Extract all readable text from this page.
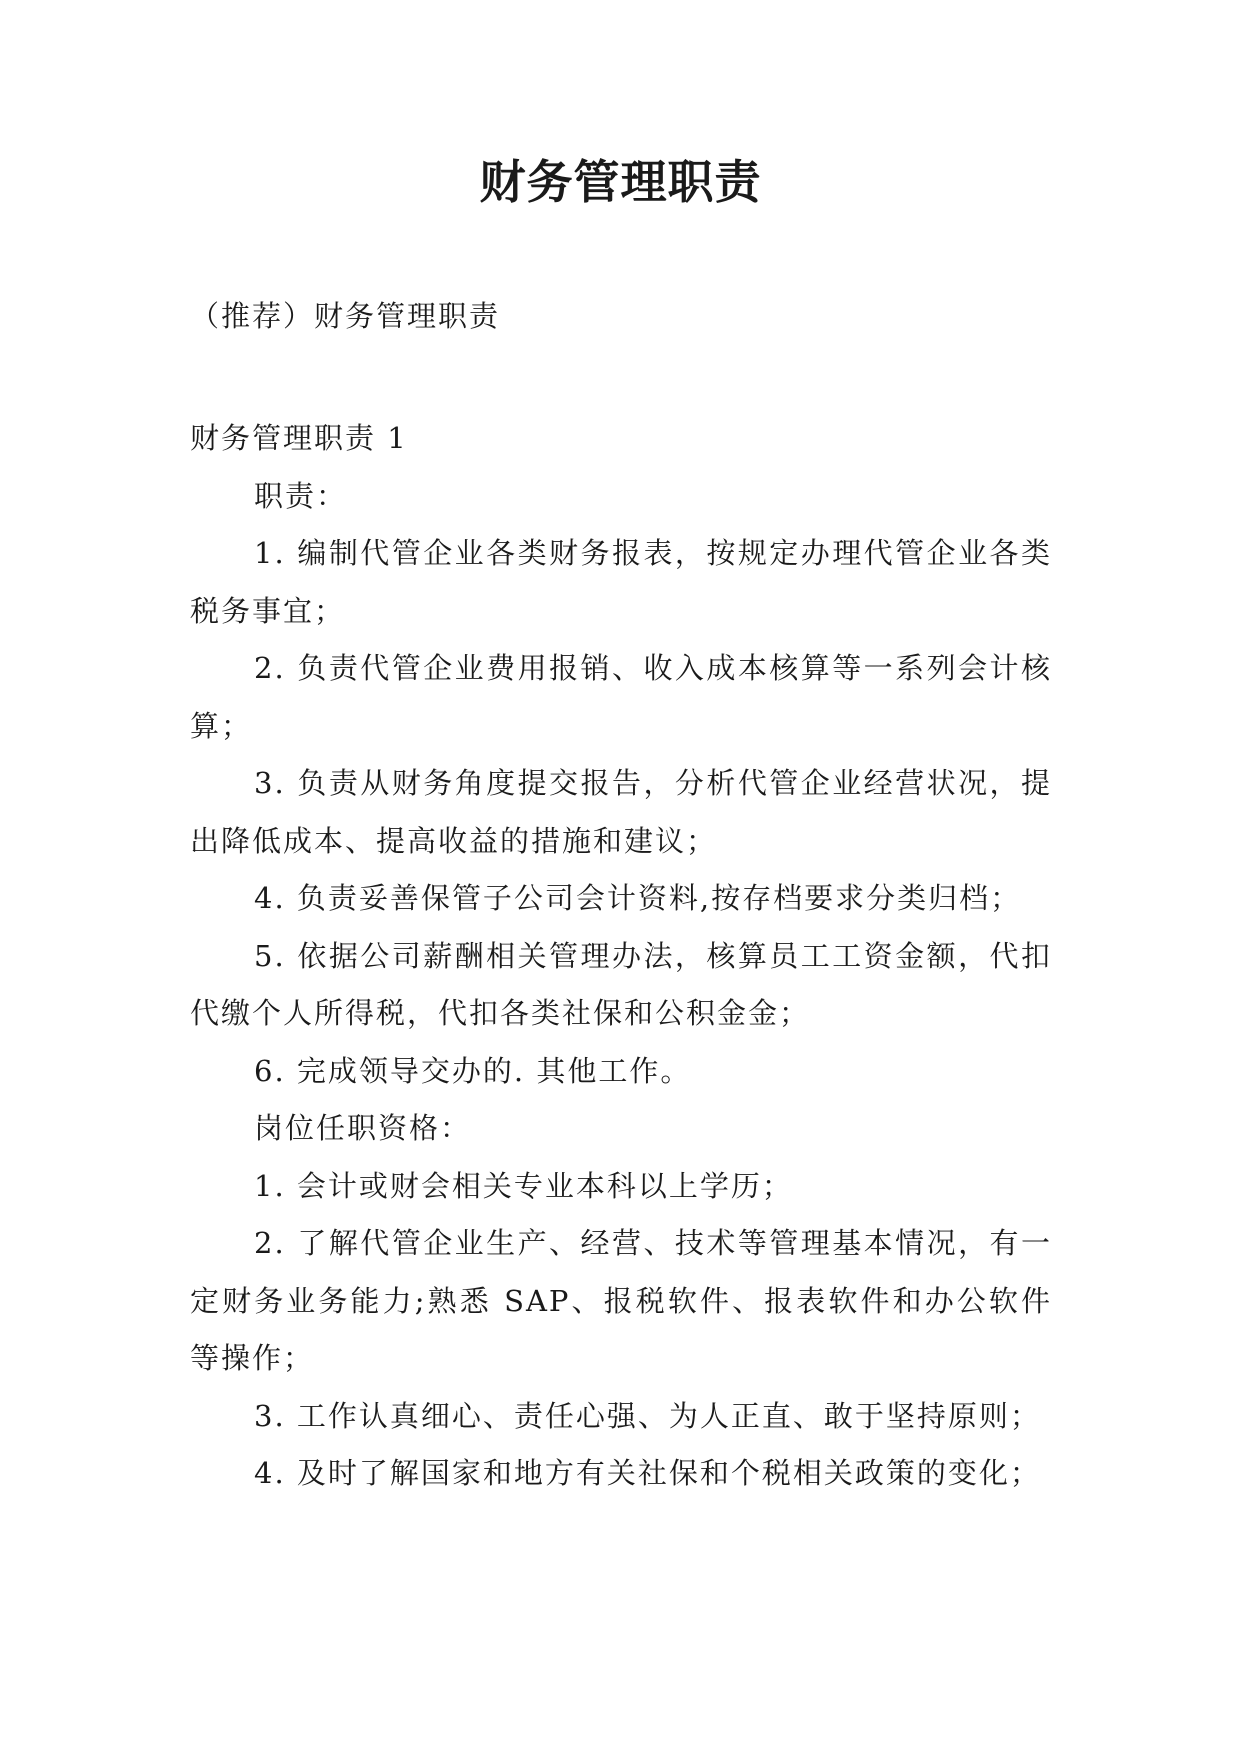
财务管理职责

（推荐）财务管理职责

财务管理职责 1

职责：

1. 编制代管企业各类财务报表，按规定办理代管企业各类税务事宜；

2. 负责代管企业费用报销、收入成本核算等一系列会计核算；

3. 负责从财务角度提交报告，分析代管企业经营状况，提出降低成本、提高收益的措施和建议；

4. 负责妥善保管子公司会计资料,按存档要求分类归档；

5. 依据公司薪酬相关管理办法，核算员工工资金额，代扣代缴个人所得税，代扣各类社保和公积金金；

6. 完成领导交办的. 其他工作。

岗位任职资格：

1. 会计或财会相关专业本科以上学历；

2. 了解代管企业生产、经营、技术等管理基本情况，有一定财务业务能力;熟悉 SAP、报税软件、报表软件和办公软件等操作；

3. 工作认真细心、责任心强、为人正直、敢于坚持原则；

4. 及时了解国家和地方有关社保和个税相关政策的变化；
